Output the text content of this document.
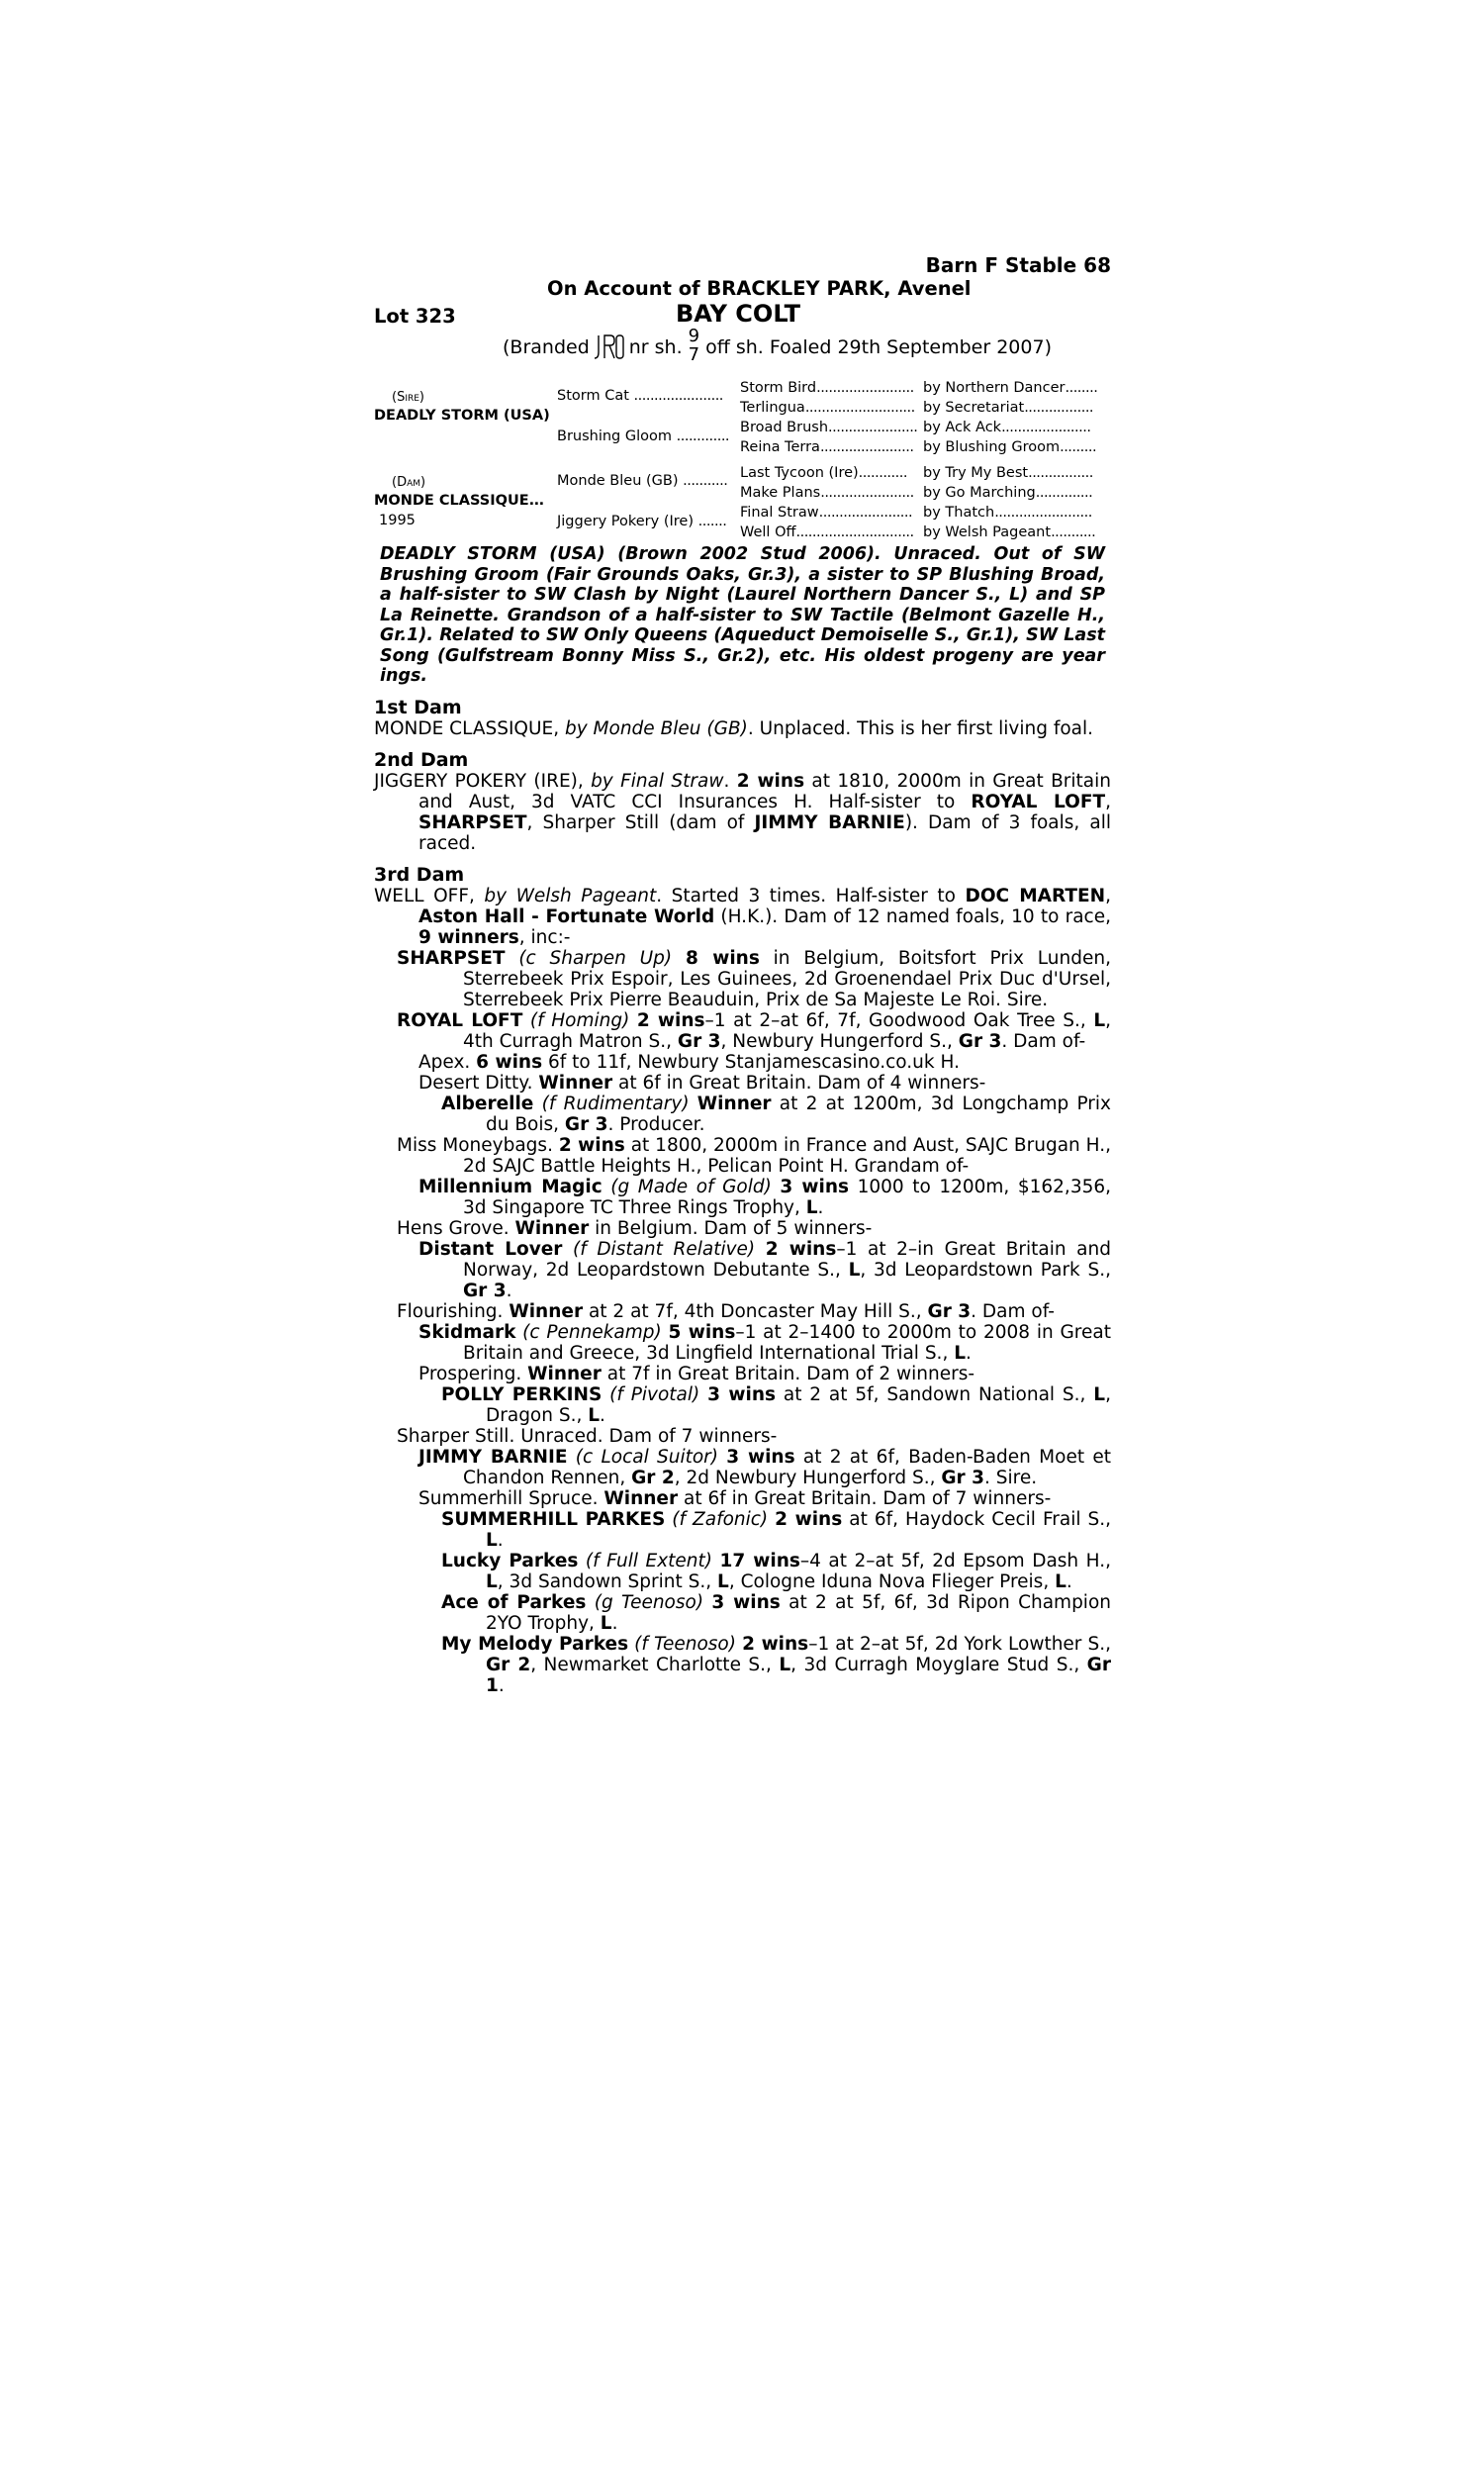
Barn F Stable 68
On Account of BRACKLEY PARK, Avenel
Lot 323	BAY COLT
(Branded nr sh.
9
7 off sh. Foaled 29th September 2007)
(Sire)
DEADLY STORM (USA)
(Dam)
MONDE CLASSIQUE...
1995
Storm Cat ......................
Brushing Gloom .............
Monde Bleu (GB) ...........
Jiggery Pokery (Ire) .......
Storm Bird........................
Terlingua...........................
Broad Brush......................
Reina Terra.......................
Last Tycoon (Ire)............
Make Plans.......................
Final Straw.......................
Well Off.............................
by Northern Dancer........
by Secretariat.................
by Ack Ack......................
by Blushing Groom.........
by Try My Best................
by Go Marching..............
by Thatch........................
by Welsh Pageant...........
DEADLY STORM (USA) (Brown 2002 Stud 2006). Unraced. Out of SW Brushing Groom (Fair Grounds Oaks, Gr.3), a sister to SP Blushing Broad, a half-sister to SW Clash by Night (Laurel Northern Dancer S., L) and SP La Reinette. Grandson of a half-sister to SW Tactile (Belmont Gazelle H., Gr.1). Related to SW Only Queens (Aqueduct Demoiselle S., Gr.1), SW Last Song (Gulfstream Bonny Miss S., Gr.2), etc. His oldest progeny are year ings.
1st Dam
MONDE CLASSIQUE, by Monde Bleu (GB). Unplaced. This is her first living foal.
2nd Dam
JIGGERY POKERY (IRE), by Final Straw. 2 wins at 1810, 2000m in Great Britain and Aust, 3d VATC CCI Insurances H. Half-sister to ROYAL LOFT, SHARPSET, Sharper Still (dam of JIMMY BARNIE). Dam of 3 foals, all raced.
3rd Dam
WELL OFF, by Welsh Pageant. Started 3 times. Half-sister to DOC MARTEN, Aston Hall - Fortunate World (H.K.). Dam of 12 named foals, 10 to race, 9 winners, inc:-
SHARPSET (c Sharpen Up) 8 wins in Belgium, Boitsfort Prix Lunden, Sterrebeek Prix Espoir, Les Guinees, 2d Groenendael Prix Duc d'Ursel, Sterrebeek Prix Pierre Beauduin, Prix de Sa Majeste Le Roi. Sire.
ROYAL LOFT (f Homing) 2 wins–1 at 2–at 6f, 7f, Goodwood Oak Tree S., L, 4th Curragh Matron S., Gr 3, Newbury Hungerford S., Gr 3. Dam of-
Apex. 6 wins 6f to 11f, Newbury Stanjamescasino.co.uk H.
Desert Ditty. Winner at 6f in Great Britain. Dam of 4 winners-
Alberelle (f Rudimentary) Winner at 2 at 1200m, 3d Longchamp Prix du Bois, Gr 3. Producer.
Miss Moneybags. 2 wins at 1800, 2000m in France and Aust, SAJC Brugan H., 2d SAJC Battle Heights H., Pelican Point H. Grandam of-
Millennium Magic (g Made of Gold) 3 wins 1000 to 1200m, $162,356, 3d Singapore TC Three Rings Trophy, L.
Hens Grove. Winner in Belgium. Dam of 5 winners-
Distant Lover (f Distant Relative) 2 wins–1 at 2–in Great Britain and Norway, 2d Leopardstown Debutante S., L, 3d Leopardstown Park S., Gr 3.
Flourishing. Winner at 2 at 7f, 4th Doncaster May Hill S., Gr 3. Dam of-
Skidmark (c Pennekamp) 5 wins–1 at 2–1400 to 2000m to 2008 in Great Britain and Greece, 3d Lingfield International Trial S., L.
Prospering. Winner at 7f in Great Britain. Dam of 2 winners-
POLLY PERKINS (f Pivotal) 3 wins at 2 at 5f, Sandown National S., L, Dragon S., L.
Sharper Still. Unraced. Dam of 7 winners-
JIMMY BARNIE (c Local Suitor) 3 wins at 2 at 6f, Baden-Baden Moet et Chandon Rennen, Gr 2, 2d Newbury Hungerford S., Gr 3. Sire.
Summerhill Spruce. Winner at 6f in Great Britain. Dam of 7 winners-
SUMMERHILL PARKES (f Zafonic) 2 wins at 6f, Haydock Cecil Frail S., L.
Lucky Parkes (f Full Extent) 17 wins–4 at 2–at 5f, 2d Epsom Dash H., L, 3d Sandown Sprint S., L, Cologne Iduna Nova Flieger Preis, L.
Ace of Parkes (g Teenoso) 3 wins at 2 at 5f, 6f, 3d Ripon Champion 2YO Trophy, L.
My Melody Parkes (f Teenoso) 2 wins–1 at 2–at 5f, 2d York Lowther S., Gr 2, Newmarket Charlotte S., L, 3d Curragh Moyglare Stud S., Gr 1.
